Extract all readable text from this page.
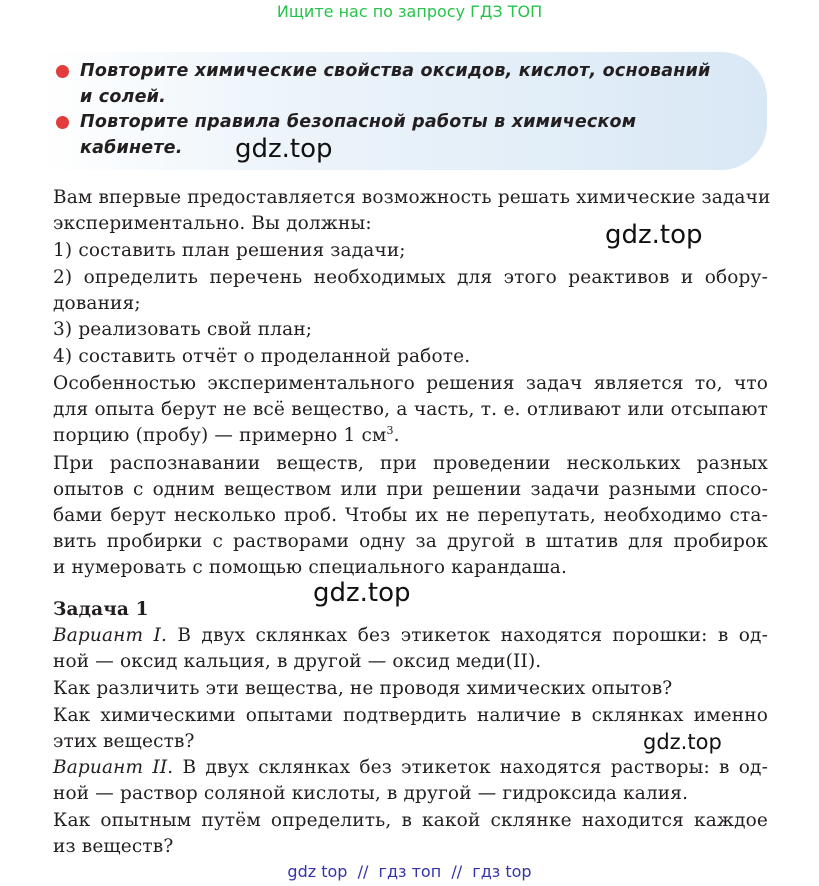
Ищите нас по запросу ГДЗ ТОП
Повторите химические свойства оксидов, кислот, оснований
и солей.
Повторите правила безопасной работы в химическом
кабинете.	gdz.top
gdz.top
gdz.top
gdz.top
Вам впервые предоставляется возможность решать химические задачи
экспериментально. Вы должны:
1) составить план решения задачи;
2) определить перечень необходимых для этого реактивов и обору-
дования;
3) реализовать свой план;
4) составить отчёт о проделанной работе.
Особенностью экспериментального решения задач является то, что
для опыта берут не всё вещество, а часть, т. е. отливают или отсыпают
порцию (пробу) — примерно 1 $см^3$.
При распознавании веществ, при проведении нескольких разных
опытов с одним веществом или при решении задачи разными спосо-
бами берут несколько проб. Чтобы их не перепутать, необходимо ста-
вить пробирки с растворами одну за другой в штатив для пробирок
и нумеровать с помощью специального карандаша.
Задача 1
Вариант I. В двух склянках без этикеток находятся порошки: в од-
ной — оксид кальция, в другой — оксид меди(II).
Как различить эти вещества, не проводя химических опытов?
Как химическими опытами подтвердить наличие в склянках именно
этих веществ?
Вариант II. В двух склянках без этикеток находятся растворы: в од-
ной — раствор соляной кислоты, в другой — гидроксида калия.
Как опытным путём определить, в какой склянке находится каждое
из веществ?
gdz top  //  гдз топ  //  гдз top
